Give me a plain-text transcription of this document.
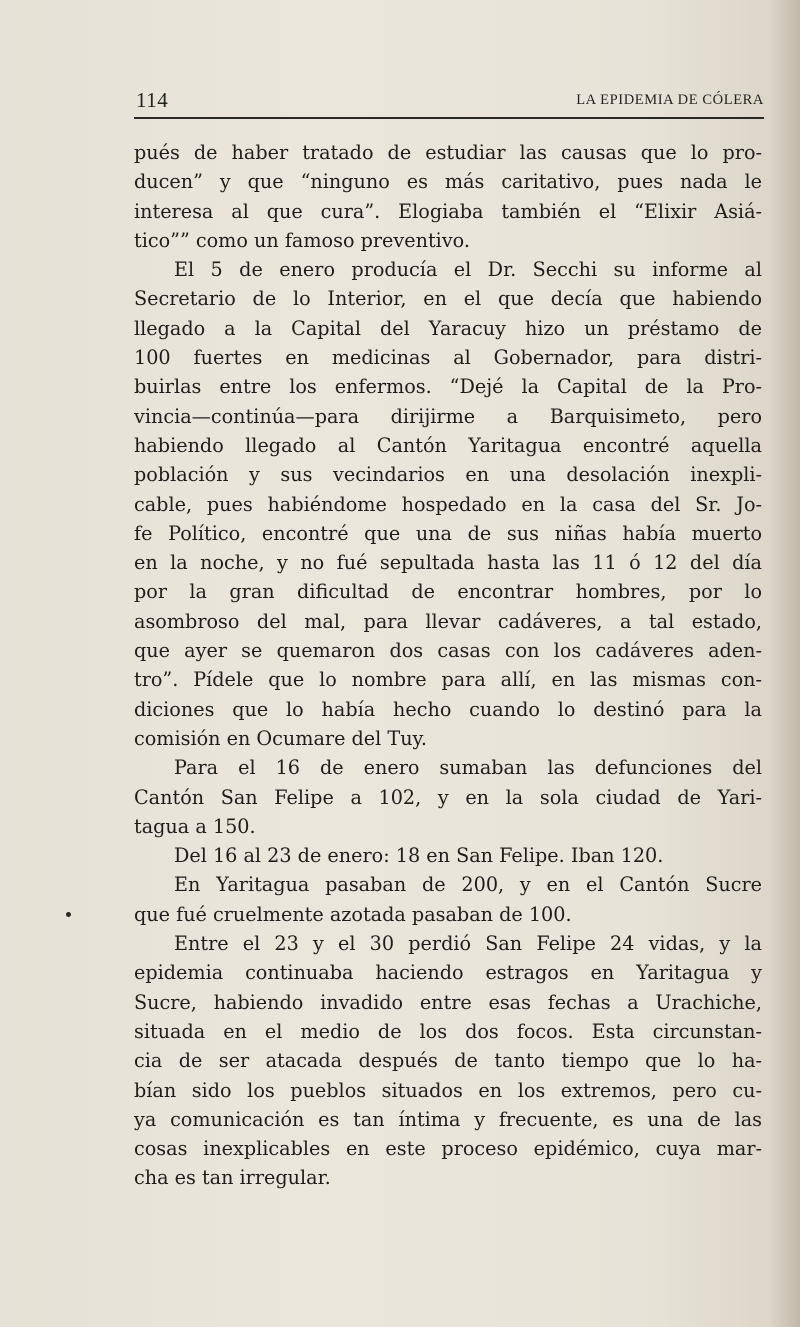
114	LA EPIDEMIA DE CÓLERA
pués de haber tratado de estudiar las causas que lo pro-
ducen” y que “ninguno es más caritativo, pues nada le
interesa al que cura”. Elogiaba también el “Elixir Asiá-
tico”” como un famoso preventivo.
El 5 de enero producía el Dr. Secchi su informe al
Secretario de lo Interior, en el que decía que habiendo
llegado a la Capital del Yaracuy hizo un préstamo de
100 fuertes en medicinas al Gobernador, para distri-
buirlas entre los enfermos. “Dejé la Capital de la Pro-
vincia—continúa—para dirijirme a Barquisimeto, pero
habiendo llegado al Cantón Yaritagua encontré aquella
población y sus vecindarios en una desolación inexpli-
cable, pues habiéndome hospedado en la casa del Sr. Jo-
fe Político, encontré que una de sus niñas había muerto
en la noche, y no fué sepultada hasta las 11 ó 12 del día
por la gran dificultad de encontrar hombres, por lo
asombroso del mal, para llevar cadáveres, a tal estado,
que ayer se quemaron dos casas con los cadáveres aden-
tro”. Pídele que lo nombre para allí, en las mismas con-
diciones que lo había hecho cuando lo destinó para la
comisión en Ocumare del Tuy.
Para el 16 de enero sumaban las defunciones del
Cantón San Felipe a 102, y en la sola ciudad de Yari-
tagua a 150.
Del 16 al 23 de enero: 18 en San Felipe. Iban 120.
En Yaritagua pasaban de 200, y en el Cantón Sucre
que fué cruelmente azotada pasaban de 100.
Entre el 23 y el 30 perdió San Felipe 24 vidas, y la
epidemia continuaba haciendo estragos en Yaritagua y
Sucre, habiendo invadido entre esas fechas a Urachiche,
situada en el medio de los dos focos. Esta circunstan-
cia de ser atacada después de tanto tiempo que lo ha-
bían sido los pueblos situados en los extremos, pero cu-
ya comunicación es tan íntima y frecuente, es una de las
cosas inexplicables en este proceso epidémico, cuya mar-
cha es tan irregular.
